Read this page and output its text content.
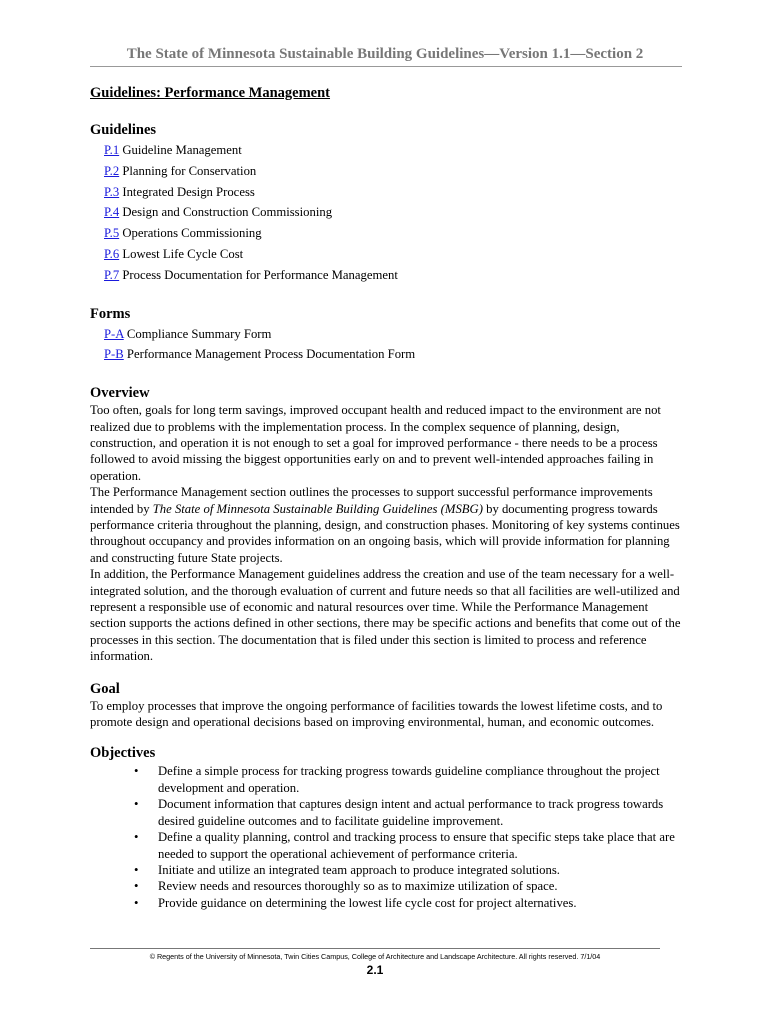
The State of Minnesota Sustainable Building Guidelines—Version 1.1—Section 2
Guidelines: Performance Management
Guidelines
P.1 Guideline Management
P.2 Planning for Conservation
P.3 Integrated Design Process
P.4 Design and Construction Commissioning
P.5 Operations Commissioning
P.6 Lowest Life Cycle Cost
P.7 Process Documentation for Performance Management
Forms
P-A Compliance Summary Form
P-B Performance Management Process Documentation Form
Overview

Too often, goals for long term savings, improved occupant health and reduced impact to the environment are not realized due to problems with the implementation process. In the complex sequence of planning, design, construction, and operation it is not enough to set a goal for improved performance - there needs to be a process followed to avoid missing the biggest opportunities early on and to prevent well-intended approaches failing in operation.

The Performance Management section outlines the processes to support successful performance improvements intended by The State of Minnesota Sustainable Building Guidelines (MSBG) by documenting progress towards performance criteria throughout the planning, design, and construction phases. Monitoring of key systems continues throughout occupancy and provides information on an ongoing basis, which will provide information for planning and constructing future State projects.

In addition, the Performance Management guidelines address the creation and use of the team necessary for a well-integrated solution, and the thorough evaluation of current and future needs so that all facilities are well-utilized and represent a responsible use of economic and natural resources over time. While the Performance Management section supports the actions defined in other sections, there may be specific actions and benefits that come out of the processes in this section. The documentation that is filed under this section is limited to process and reference information.

Goal

To employ processes that improve the ongoing performance of facilities towards the lowest lifetime costs, and to promote design and operational decisions based on improving environmental, human, and economic outcomes.

Objectives
• Define a simple process for tracking progress towards guideline compliance throughout the project development and operation.
• Document information that captures design intent and actual performance to track progress towards desired guideline outcomes and to facilitate guideline improvement.
• Define a quality planning, control and tracking process to ensure that specific steps take place that are needed to support the operational achievement of performance criteria.
• Initiate and utilize an integrated team approach to produce integrated solutions.
• Review needs and resources thoroughly so as to maximize utilization of space.
• Provide guidance on determining the lowest life cycle cost for project alternatives.
© Regents of the University of Minnesota, Twin Cities Campus, College of Architecture and Landscape Architecture. All rights reserved. 7/1/04
2.1
